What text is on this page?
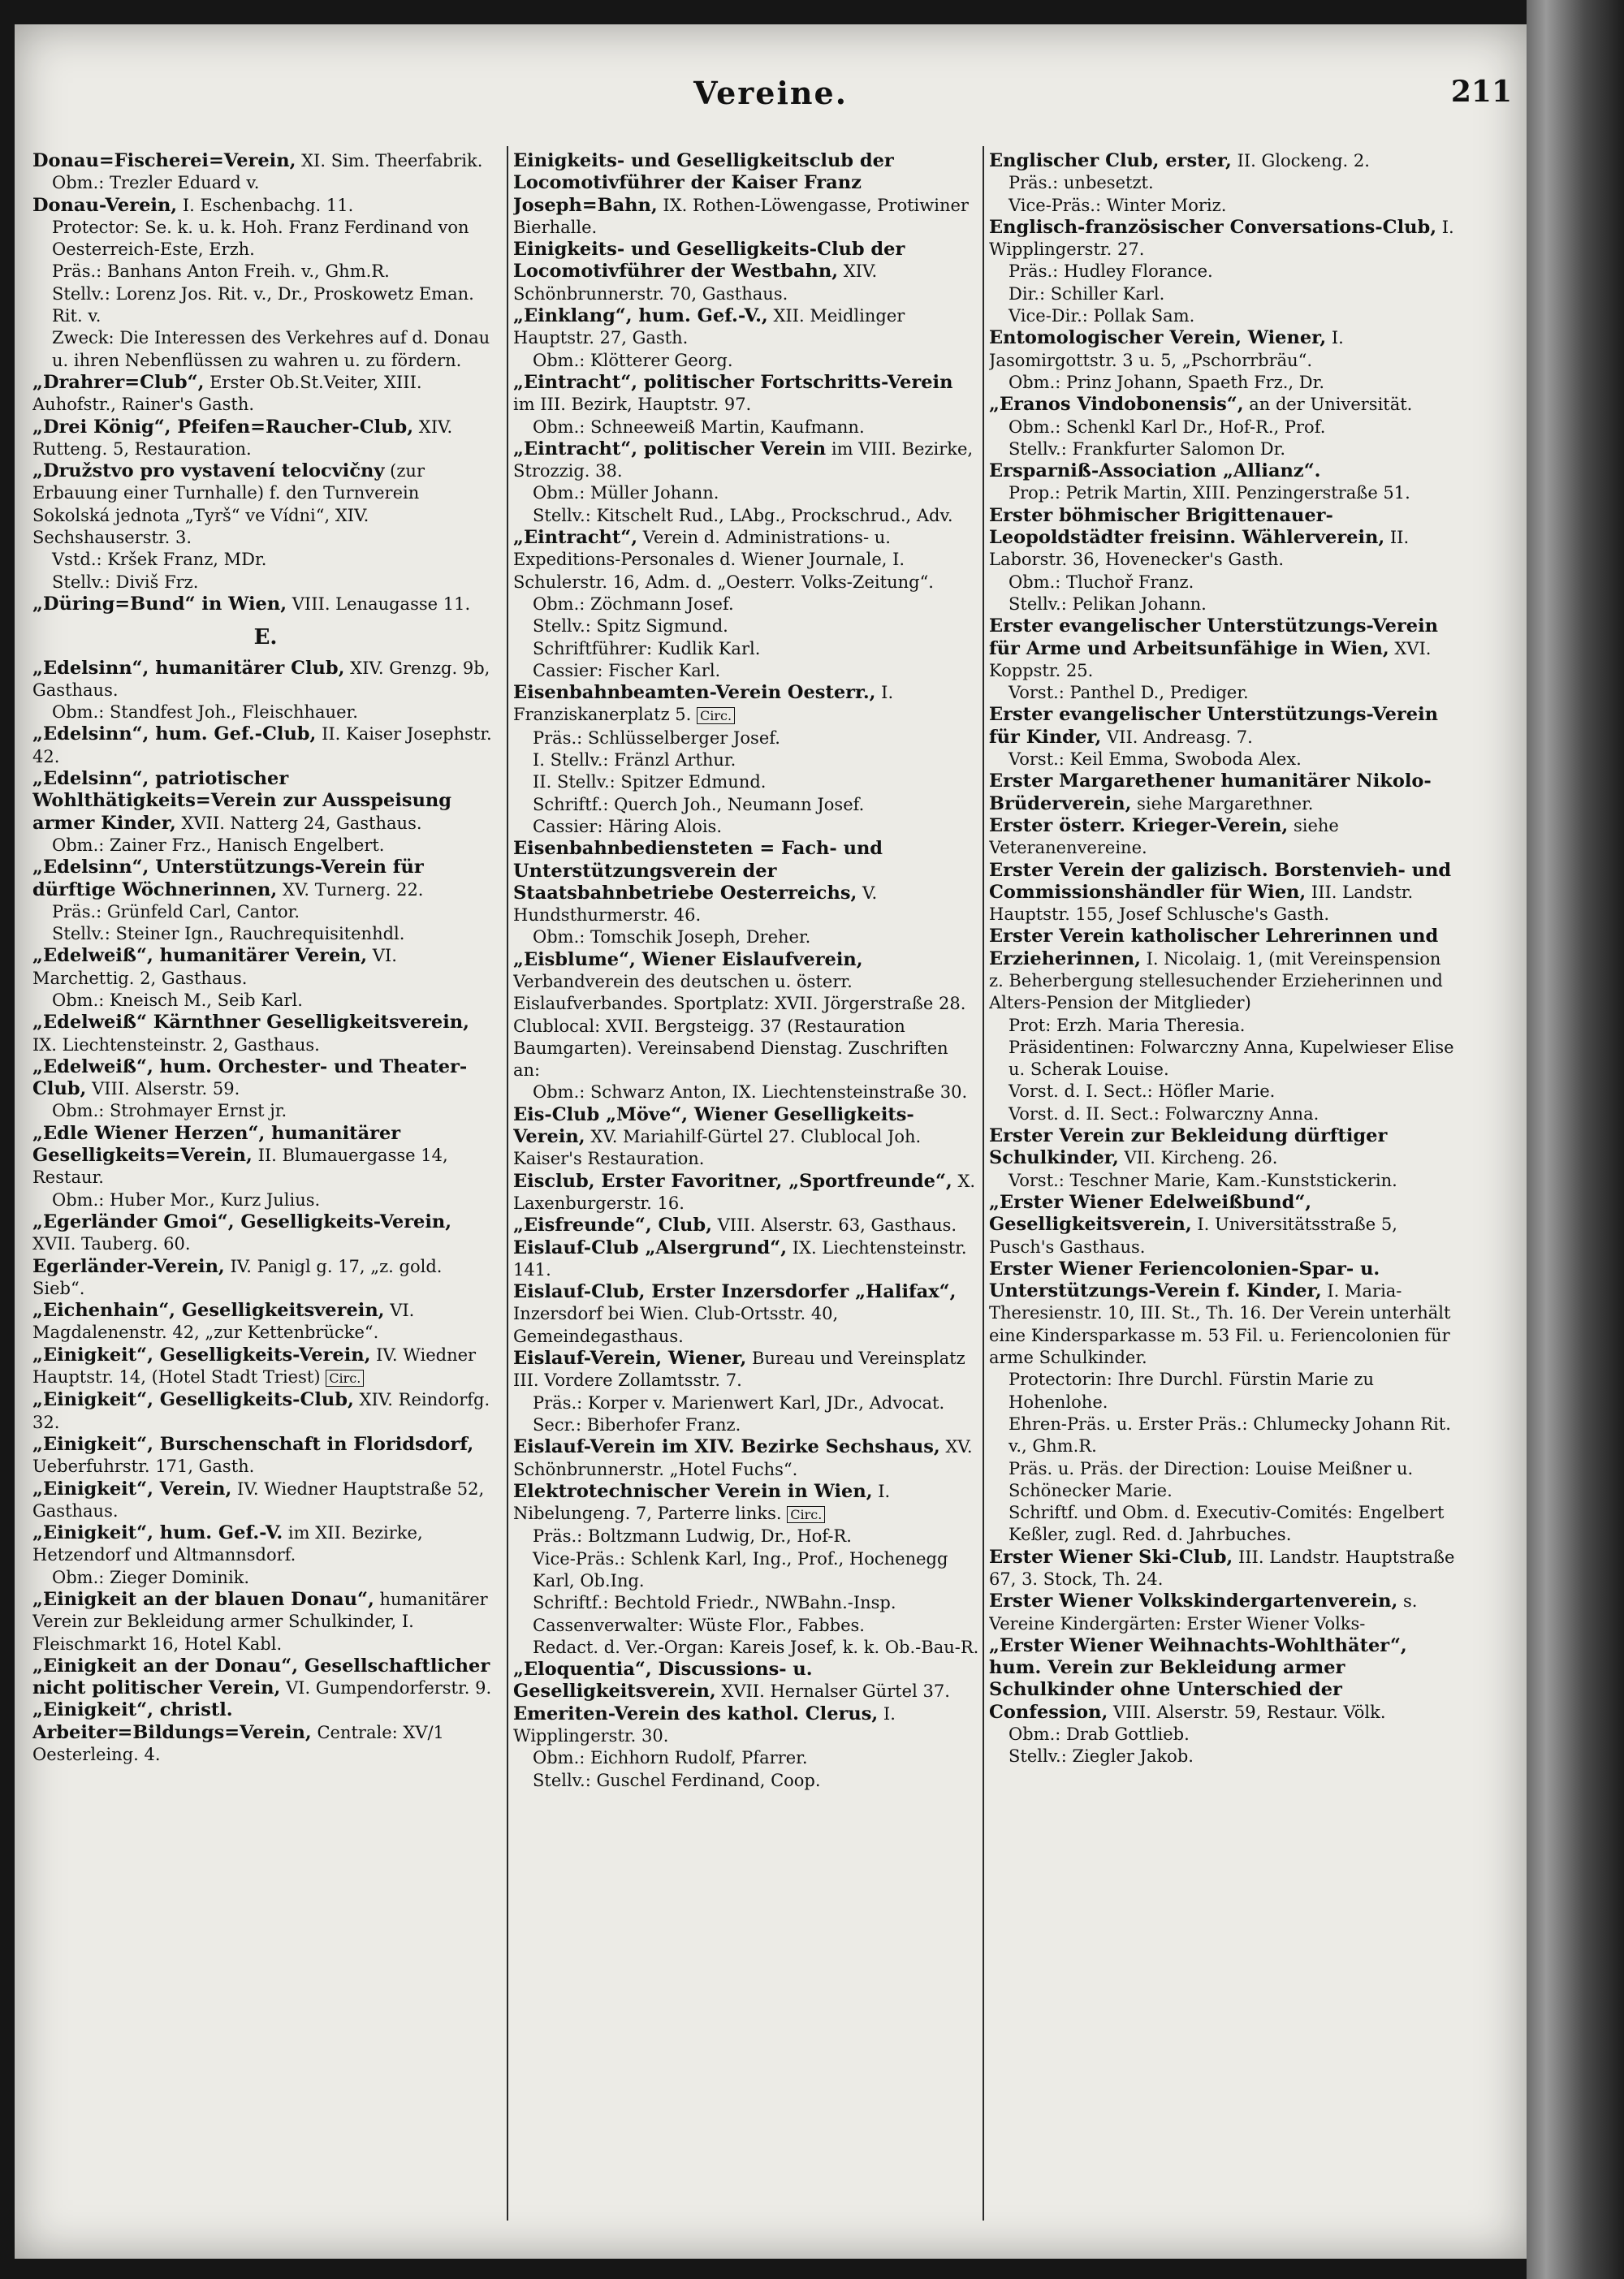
Vereine.	211
Donau=Fischerei=Verein, XI. Sim. Theerfabrik.
Obm.: Trezler Eduard v.
Donau-Verein, I. Eschenbachg. 11.
Protector: Se. k. u. k. Hoh. Franz Ferdinand von Oesterreich-Este, Erzh.
Präs.: Banhans Anton Freih. v., Ghm.R.
Stellv.: Lorenz Jos. Rit. v., Dr., Proskowetz Eman. Rit. v.
Zweck: Die Interessen des Verkehres auf d. Donau u. ihren Nebenflüssen zu wahren u. zu fördern.
„Drahrer=Club“, Erster Ob.St.Veiter, XIII. Auhofstr., Rainer's Gasth.
„Drei König“, Pfeifen=Raucher-Club, XIV. Rutteng. 5, Restauration.
„Družstvo pro vystavení telocvičny (zur Erbauung einer Turnhalle) f. den Turnverein Sokolská jednota „Tyrš“ ve Vídni“, XIV. Sechshauserstr. 3.
Vstd.: Kršek Franz, MDr.
Stellv.: Diviš Frz.
„Düring=Bund“ in Wien, VIII. Lenaugasse 11.
E.
„Edelsinn“, humanitärer Club, XIV. Grenzg. 9b, Gasthaus.
Obm.: Standfest Joh., Fleischhauer.
„Edelsinn“, hum. Gef.-Club, II. Kaiser Josephstr. 42.
„Edelsinn“, patriotischer Wohlthätigkeits=Verein zur Ausspeisung armer Kinder, XVII. Natterg 24, Gasthaus.
Obm.: Zainer Frz., Hanisch Engelbert.
„Edelsinn“, Unterstützungs-Verein für dürftige Wöchnerinnen, XV. Turnerg. 22.
Präs.: Grünfeld Carl, Cantor.
Stellv.: Steiner Ign., Rauchrequisitenhdl.
„Edelweiß“, humanitärer Verein, VI. Marchettig. 2, Gasthaus.
Obm.: Kneisch M., Seib Karl.
„Edelweiß“ Kärnthner Geselligkeitsverein, IX. Liechtensteinstr. 2, Gasthaus.
„Edelweiß“, hum. Orchester- und Theater-Club, VIII. Alserstr. 59.
Obm.: Strohmayer Ernst jr.
„Edle Wiener Herzen“, humanitärer Geselligkeits=Verein, II. Blumauergasse 14, Restaur.
Obm.: Huber Mor., Kurz Julius.
„Egerländer Gmoi“, Geselligkeits-Verein, XVII. Tauberg. 60.
Egerländer-Verein, IV. Panigl g. 17, „z. gold. Sieb“.
„Eichenhain“, Geselligkeitsverein, VI. Magdalenenstr. 42, „zur Kettenbrücke“.
„Einigkeit“, Geselligkeits-Verein, IV. Wiedner Hauptstr. 14, (Hotel Stadt Triest) Circ.
„Einigkeit“, Geselligkeits-Club, XIV. Reindorfg. 32.
„Einigkeit“, Burschenschaft in Floridsdorf, Ueberfuhrstr. 171, Gasth.
„Einigkeit“, Verein, IV. Wiedner Hauptstraße 52, Gasthaus.
„Einigkeit“, hum. Gef.-V. im XII. Bezirke, Hetzendorf und Altmannsdorf.
Obm.: Zieger Dominik.
„Einigkeit an der blauen Donau“, humanitärer Verein zur Bekleidung armer Schulkinder, I. Fleischmarkt 16, Hotel Kabl.
„Einigkeit an der Donau“, Gesellschaftlicher nicht politischer Verein, VI. Gumpendorferstr. 9.
„Einigkeit“, christl. Arbeiter=Bildungs=Verein, Centrale: XV/1 Oesterleing. 4.
Einigkeits- und Geselligkeitsclub der Locomotivführer der Kaiser Franz Joseph=Bahn, IX. Rothen-Löwengasse, Protiwiner Bierhalle.
Einigkeits- und Geselligkeits-Club der Locomotivführer der Westbahn, XIV. Schönbrunnerstr. 70, Gasthaus.
„Einklang“, hum. Gef.-V., XII. Meidlinger Hauptstr. 27, Gasth.
Obm.: Klötterer Georg.
„Eintracht“, politischer Fortschritts-Verein im III. Bezirk, Hauptstr. 97.
Obm.: Schneeweiß Martin, Kaufmann.
„Eintracht“, politischer Verein im VIII. Bezirke, Strozzig. 38.
Obm.: Müller Johann.
Stellv.: Kitschelt Rud., LAbg., Prockschrud., Adv.
„Eintracht“, Verein d. Administrations- u. Expeditions-Personales d. Wiener Journale, I. Schulerstr. 16, Adm. d. „Oesterr. Volks-Zeitung“.
Obm.: Zöchmann Josef.
Stellv.: Spitz Sigmund.
Schriftführer: Kudlik Karl.
Cassier: Fischer Karl.
Eisenbahnbeamten-Verein Oesterr., I. Franziskanerplatz 5. Circ.
Präs.: Schlüsselberger Josef.
I. Stellv.: Fränzl Arthur.
II. Stellv.: Spitzer Edmund.
Schriftf.: Querch Joh., Neumann Josef.
Cassier: Häring Alois.
Eisenbahnbediensteten = Fach- und Unterstützungsverein der Staatsbahnbetriebe Oesterreichs, V. Hundsthurmerstr. 46.
Obm.: Tomschik Joseph, Dreher.
„Eisblume“, Wiener Eislaufverein, Verbandverein des deutschen u. österr. Eislaufverbandes. Sportplatz: XVII. Jörgerstraße 28. Clublocal: XVII. Bergsteigg. 37 (Restauration Baumgarten). Vereinsabend Dienstag. Zuschriften an:
Obm.: Schwarz Anton, IX. Liechtensteinstraße 30.
Eis-Club „Möve“, Wiener Geselligkeits-Verein, XV. Mariahilf-Gürtel 27. Clublocal Joh. Kaiser's Restauration.
Eisclub, Erster Favoritner, „Sportfreunde“, X. Laxenburgerstr. 16.
„Eisfreunde“, Club, VIII. Alserstr. 63, Gasthaus.
Eislauf-Club „Alsergrund“, IX. Liechtensteinstr. 141.
Eislauf-Club, Erster Inzersdorfer „Halifax“, Inzersdorf bei Wien. Club-Ortsstr. 40, Gemeindegasthaus.
Eislauf-Verein, Wiener, Bureau und Vereinsplatz III. Vordere Zollamtsstr. 7.
Präs.: Korper v. Marienwert Karl, JDr., Advocat.
Secr.: Biberhofer Franz.
Eislauf-Verein im XIV. Bezirke Sechshaus, XV. Schönbrunnerstr. „Hotel Fuchs“.
Elektrotechnischer Verein in Wien, I. Nibelungeng. 7, Parterre links. Circ.
Präs.: Boltzmann Ludwig, Dr., Hof-R.
Vice-Präs.: Schlenk Karl, Ing., Prof., Hochenegg Karl, Ob.Ing.
Schriftf.: Bechtold Friedr., NWBahn.-Insp.
Cassenverwalter: Wüste Flor., Fabbes.
Redact. d. Ver.-Organ: Kareis Josef, k. k. Ob.-Bau-R.
„Eloquentia“, Discussions- u. Geselligkeitsverein, XVII. Hernalser Gürtel 37.
Emeriten-Verein des kathol. Clerus, I. Wipplingerstr. 30.
Obm.: Eichhorn Rudolf, Pfarrer.
Stellv.: Guschel Ferdinand, Coop.
Englischer Club, erster, II. Glockeng. 2.
Präs.: unbesetzt.
Vice-Präs.: Winter Moriz.
Englisch-französischer Conversations-Club, I. Wipplingerstr. 27.
Präs.: Hudley Florance.
Dir.: Schiller Karl.
Vice-Dir.: Pollak Sam.
Entomologischer Verein, Wiener, I. Jasomirgottstr. 3 u. 5, „Pschorrbräu“.
Obm.: Prinz Johann, Spaeth Frz., Dr.
„Eranos Vindobonensis“, an der Universität.
Obm.: Schenkl Karl Dr., Hof-R., Prof.
Stellv.: Frankfurter Salomon Dr.
Ersparniß-Association „Allianz“.
Prop.: Petrik Martin, XIII. Penzingerstraße 51.
Erster böhmischer Brigittenauer-Leopoldstädter freisinn. Wählerverein, II. Laborstr. 36, Hovenecker's Gasth.
Obm.: Tluchoř Franz.
Stellv.: Pelikan Johann.
Erster evangelischer Unterstützungs-Verein für Arme und Arbeitsunfähige in Wien, XVI. Koppstr. 25.
Vorst.: Panthel D., Prediger.
Erster evangelischer Unterstützungs-Verein für Kinder, VII. Andreasg. 7.
Vorst.: Keil Emma, Swoboda Alex.
Erster Margarethener humanitärer Nikolo-Brüderverein, siehe Margarethner.
Erster österr. Krieger-Verein, siehe Veteranenvereine.
Erster Verein der galizisch. Borstenvieh- und Commissionshändler für Wien, III. Landstr. Hauptstr. 155, Josef Schlusche's Gasth.
Erster Verein katholischer Lehrerinnen und Erzieherinnen, I. Nicolaig. 1, (mit Vereinspension z. Beherbergung stellesuchender Erzieherinnen und Alters-Pension der Mitglieder)
Prot: Erzh. Maria Theresia.
Präsidentinen: Folwarczny Anna, Kupelwieser Elise u. Scherak Louise.
Vorst. d. I. Sect.: Höfler Marie.
Vorst. d. II. Sect.: Folwarczny Anna.
Erster Verein zur Bekleidung dürftiger Schulkinder, VII. Kircheng. 26.
Vorst.: Teschner Marie, Kam.-Kunststickerin.
„Erster Wiener Edelweißbund“, Geselligkeitsverein, I. Universitätsstraße 5, Pusch's Gasthaus.
Erster Wiener Feriencolonien-Spar- u. Unterstützungs-Verein f. Kinder, I. Maria-Theresienstr. 10, III. St., Th. 16. Der Verein unterhält eine Kindersparkasse m. 53 Fil. u. Feriencolonien für arme Schulkinder.
Protectorin: Ihre Durchl. Fürstin Marie zu Hohenlohe.
Ehren-Präs. u. Erster Präs.: Chlumecky Johann Rit. v., Ghm.R.
Präs. u. Präs. der Direction: Louise Meißner u. Schönecker Marie.
Schriftf. und Obm. d. Executiv-Comités: Engelbert Keßler, zugl. Red. d. Jahrbuches.
Erster Wiener Ski-Club, III. Landstr. Hauptstraße 67, 3. Stock, Th. 24.
Erster Wiener Volkskindergartenverein, s. Vereine Kindergärten: Erster Wiener Volks-
„Erster Wiener Weihnachts-Wohlthäter“, hum. Verein zur Bekleidung armer Schulkinder ohne Unterschied der Confession, VIII. Alserstr. 59, Restaur. Völk.
Obm.: Drab Gottlieb.
Stellv.: Ziegler Jakob.
